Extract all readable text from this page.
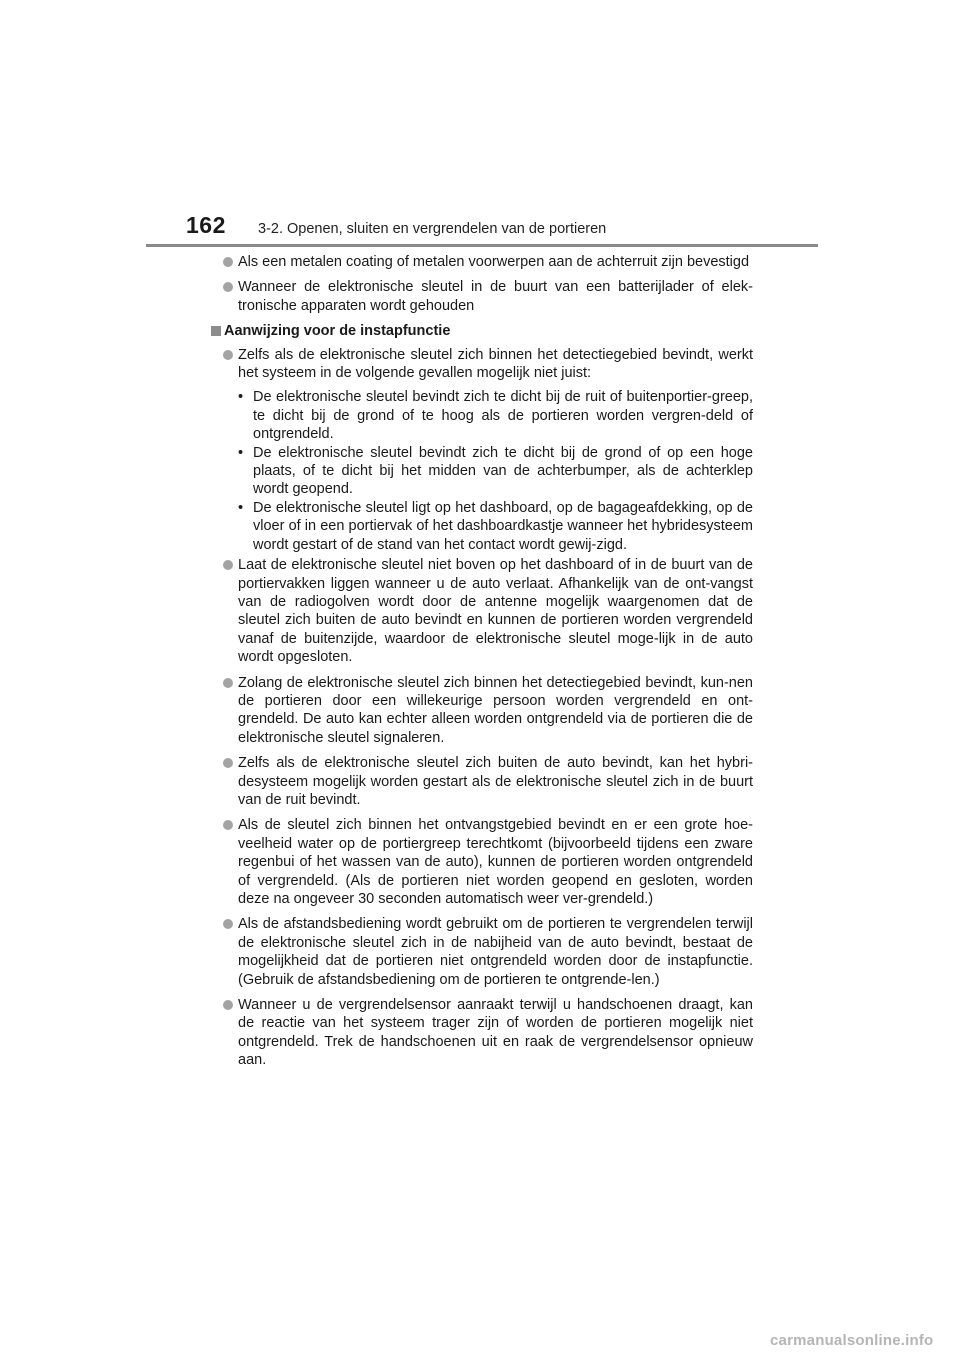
162 3-2. Openen, sluiten en vergrendelen van de portieren
Als een metalen coating of metalen voorwerpen aan de achterruit zijn bevestigd
Wanneer de elektronische sleutel in de buurt van een batterijlader of elek-tronische apparaten wordt gehouden
Aanwijzing voor de instapfunctie
Zelfs als de elektronische sleutel zich binnen het detectiegebied bevindt, werkt het systeem in de volgende gevallen mogelijk niet juist:
• De elektronische sleutel bevindt zich te dicht bij de ruit of buitenportier-greep, te dicht bij de grond of te hoog als de portieren worden vergren-deld of ontgrendeld.
• De elektronische sleutel bevindt zich te dicht bij de grond of op een hoge plaats, of te dicht bij het midden van de achterbumper, als de achterklep wordt geopend.
• De elektronische sleutel ligt op het dashboard, op de bagageafdekking, op de vloer of in een portiervak of het dashboardkastje wanneer het hybridesysteem wordt gestart of de stand van het contact wordt gewij-zigd.
Laat de elektronische sleutel niet boven op het dashboard of in de buurt van de portiervakken liggen wanneer u de auto verlaat. Afhankelijk van de ont-vangst van de radiogolven wordt door de antenne mogelijk waargenomen dat de sleutel zich buiten de auto bevindt en kunnen de portieren worden vergrendeld vanaf de buitenzijde, waardoor de elektronische sleutel moge-lijk in de auto wordt opgesloten.
Zolang de elektronische sleutel zich binnen het detectiegebied bevindt, kun-nen de portieren door een willekeurige persoon worden vergrendeld en ont-grendeld. De auto kan echter alleen worden ontgrendeld via de portieren die de elektronische sleutel signaleren.
Zelfs als de elektronische sleutel zich buiten de auto bevindt, kan het hybri-desysteem mogelijk worden gestart als de elektronische sleutel zich in de buurt van de ruit bevindt.
Als de sleutel zich binnen het ontvangstgebied bevindt en er een grote hoe-veelheid water op de portiergreep terechtkomt (bijvoorbeeld tijdens een zware regenbui of het wassen van de auto), kunnen de portieren worden ontgrendeld of vergrendeld. (Als de portieren niet worden geopend en gesloten, worden deze na ongeveer 30 seconden automatisch weer ver-grendeld.)
Als de afstandsbediening wordt gebruikt om de portieren te vergrendelen terwijl de elektronische sleutel zich in de nabijheid van de auto bevindt, bestaat de mogelijkheid dat de portieren niet ontgrendeld worden door de instapfunctie. (Gebruik de afstandsbediening om de portieren te ontgrende-len.)
Wanneer u de vergrendelsensor aanraakt terwijl u handschoenen draagt, kan de reactie van het systeem trager zijn of worden de portieren mogelijk niet ontgrendeld. Trek de handschoenen uit en raak de vergrendelsensor opnieuw aan.
carmanualsonline.info
